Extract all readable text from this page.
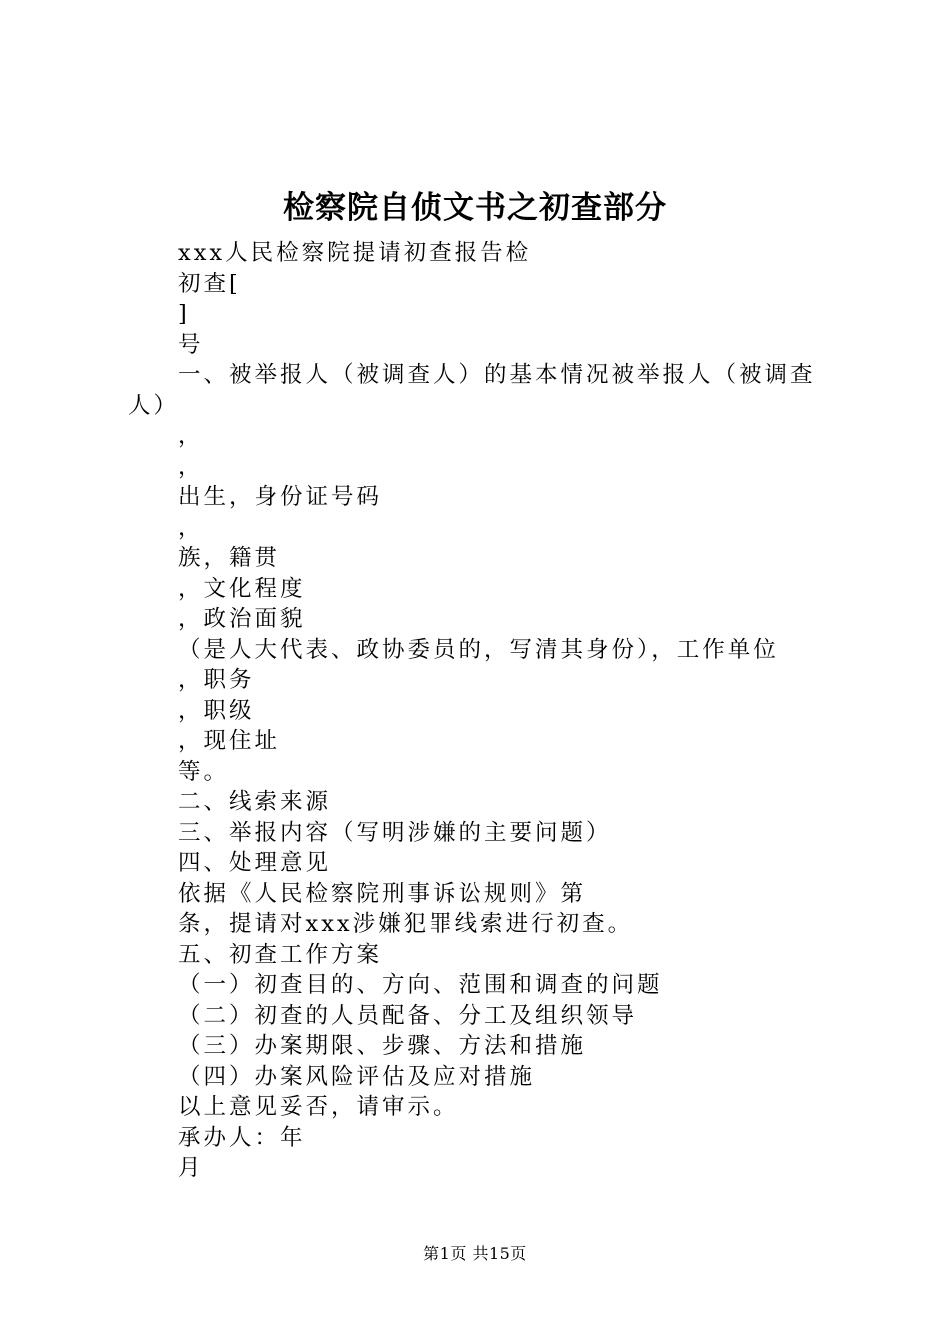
检察院自侦文书之初查部分
xxx人民检察院提请初查报告检
初查[
]
号
一、被举报人（被调查人）的基本情况被举报人（被调查人）
，
，
出生，身份证号码
，
族，籍贯
，文化程度
，政治面貌
（是人大代表、政协委员的，写清其身份），工作单位
，职务
，职级
，现住址
等。
二、线索来源
三、举报内容（写明涉嫌的主要问题）
四、处理意见
依据《人民检察院刑事诉讼规则》第
条，提请对xxx涉嫌犯罪线索进行初查。
五、初查工作方案
（一）初查目的、方向、范围和调查的问题
（二）初查的人员配备、分工及组织领导
（三）办案期限、步骤、方法和措施
（四）办案风险评估及应对措施
以上意见妥否，请审示。
承办人：年
月
第1页 共15页
